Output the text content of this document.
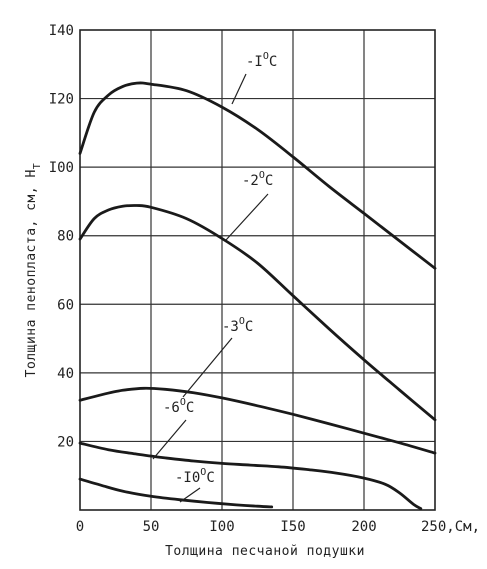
0	50	I00	I50	200	250,См,
20
40
60
80
I00
I20
I40
$-I^OC$
$-2^OC$
$-3^OC$
$-6^OC$
$-I0^OC$
Толщина песчаной подушки
Толщина пенопласта, см, $H_T$
